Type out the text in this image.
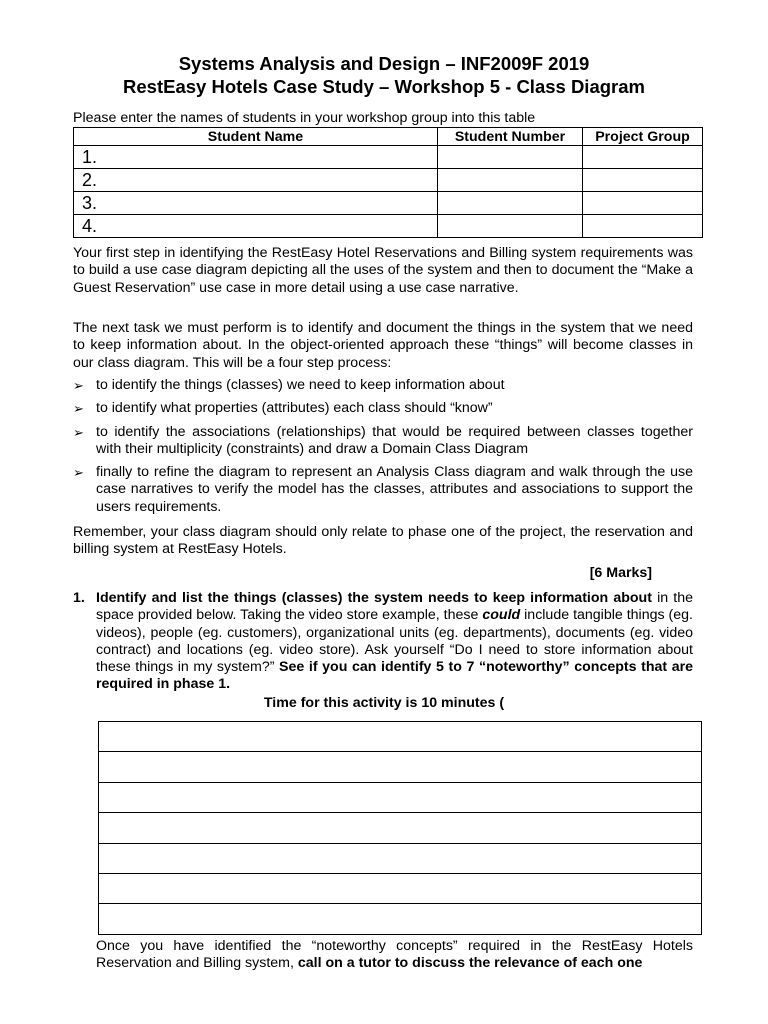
Systems Analysis and Design – INF2009F 2019
RestEasy Hotels Case Study – Workshop 5 - Class Diagram
Please enter the names of students in your workshop group into this table
Student Name	Student Number	Project Group
1.		
2.		
3.		
4.		

Your first step in identifying the RestEasy Hotel Reservations and Billing system requirements was to build a use case diagram depicting all the uses of the system and then to document the “Make a Guest Reservation” use case in more detail using a use case narrative.

The next task we must perform is to identify and document the things in the system that we need to keep information about. In the object-oriented approach these “things” will become classes in our class diagram. This will be a four step process:

➢ to identify the things (classes) we need to keep information about
➢ to identify what properties (attributes) each class should “know”
➢ to identify the associations (relationships) that would be required between classes together with their multiplicity (constraints) and draw a Domain Class Diagram
➢ finally to refine the diagram to represent an Analysis Class diagram and walk through the use case narratives to verify the model has the classes, attributes and associations to support the users requirements.

Remember, your class diagram should only relate to phase one of the project, the reservation and billing system at RestEasy Hotels.

[6 Marks]
1. Identify and list the things (classes) the system needs to keep information about in the space provided below. Taking the video store example, these could include tangible things (eg. videos), people (eg. customers), organizational units (eg. departments), documents (eg. video contract) and locations (eg. video store). Ask yourself “Do I need to store information about these things in my system?” See if you can identify 5 to 7 “noteworthy” concepts that are required in phase 1.
Time for this activity is 10 minutes (

Once you have identified the “noteworthy concepts” required in the RestEasy Hotels Reservation and Billing system, call on a tutor to discuss the relevance of each one
